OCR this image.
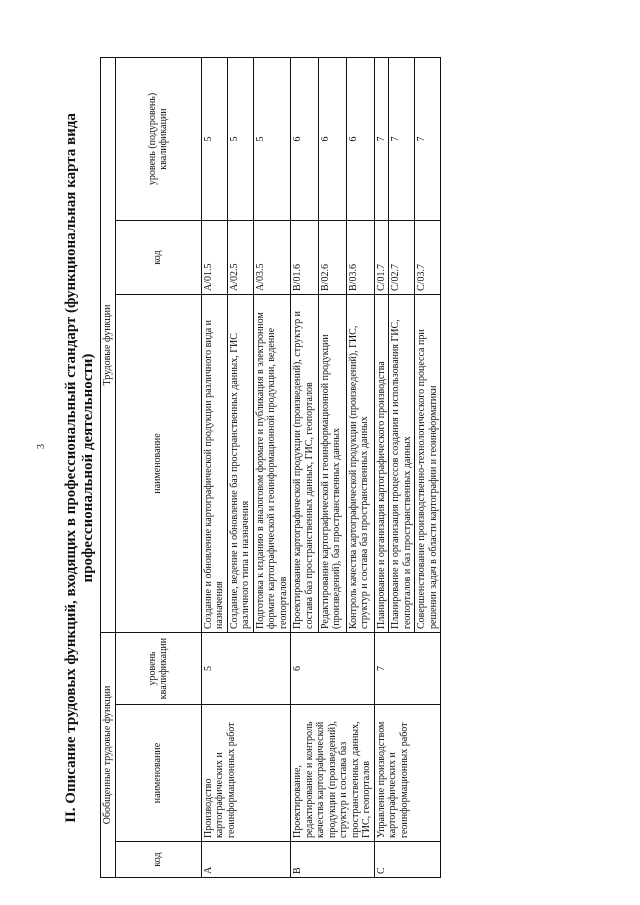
3 II. Описание трудовых функций, входящих в профессиональный стандарт (функциональная карта вида профессиональной деятельности)
Обобщенные трудовые функции			Трудовые функции		
код	наименование	уровень квалификации	наименование	код	уровень (подуровень) квалификации
A	Производство картографических и геоинформационных работ	5	Создание и обновление картографической продукции различного вида и назначения	A/01.5	5
			Создание, ведение и обновление баз пространственных данных, ГИС различного типа и назначения	A/02.5	5
			Подготовка к изданию в аналоговом формате и публикация в электронном формате картографической и геоинформационной продукции, ведение геопорталов	A/03.5	5
B	Проектирование, редактирование и контроль качества картографической продукции (произведений), структур и состава баз пространственных данных, ГИС, геопорталов	6	Проектирование картографической продукции (произведений), структур и состава баз пространственных данных, ГИС, геопорталов	B/01.6	6
			Редактирование картографической и геоинформационной продукции (произведений), баз пространственных данных	B/02.6	6
			Контроль качества картографической продукции (произведений), ГИС, структур и состава баз пространственных данных	B/03.6	6
C	Управление производством картографических и геоинформационных работ	7	Планирование и организация картографического производства	C/01.7	7
			Планирование и организация процессов создания и использования ГИС, геопорталов и баз пространственных данных	C/02.7	7
			Совершенствование производственно-технологического процесса при решении задач в области картографии и геоинформатики	C/03.7	7
